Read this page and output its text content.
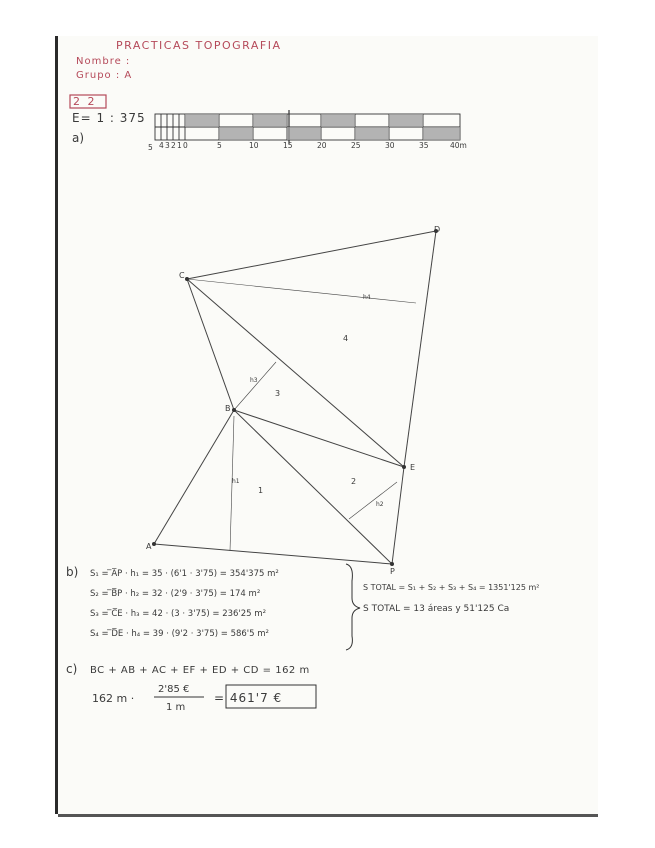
PRACTICAS TOPOGRAFIA
Nombre :
Grupo : A
2 2
E= 1 : 375
a)
5 4 3 2 1 0	5	10	15	20	25	30	35	40m
A
B
C
D
E
P
h1
h2
h3
h4
1
2
3
4
b) S₁ = ̅A̅P · h₁ = 35 · (6'1 · 3'75) = 354'375 m²
S₂ = ̅B̅P · h₂ = 32 · (2'9 · 3'75) = 174 m²
S₃ = ̅C̅E · h₃ = 42 · (3 · 3'75) = 236'25 m²
S₄ = ̅D̅E · h₄ = 39 · (9'2 · 3'75) = 586'5 m²
S TOTAL = S₁ + S₂ + S₃ + S₄ = 1351'125 m²
S TOTAL = 13 áreas y 51'125 Ca
c) BC + AB + AC + EF + ED + CD = 162 m
162 m ·
2'85 €
1 m
= 461'7 €
